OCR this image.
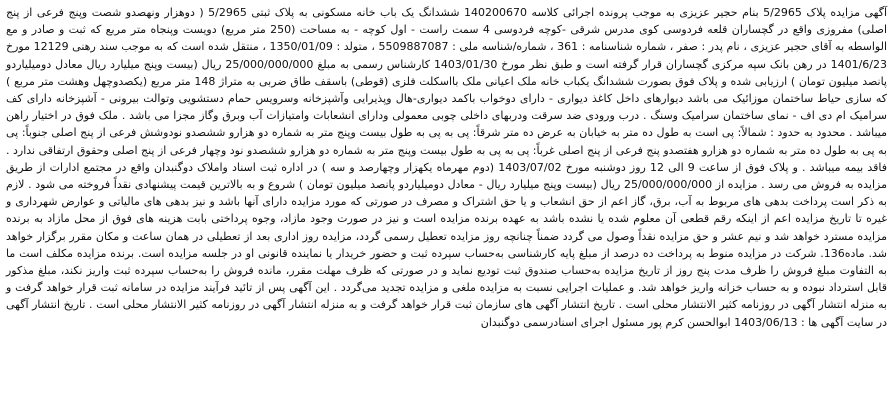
آگهی مزایده پلاک 5/2965 بنام حجیر عزیزی به موجب پرونده اجرائی کلاسه 140200670 ششدانگ یک باب خانه مسکونی به پلاک ثبتی 5/2965 ( دوهزار ونهصدو شصت وپنج فرعی از پنج اصلی) مفروزی واقع در گچساران قلعه فردوسی کوی مدرس شرقی -کوچه فردوسی 4 سمت راست - اول کوچه - به مساحت (250 متر مربع) دویست وپنجاه متر مربع که ثبت و صادر و مع الواسطه به آقای حجیر عزیزی ، نام پدر : صفر ، شماره شناسنامه : 361 ، شماره/شناسه ملی : 5509887087 ، متولد : 1350/01/09 ، منتقل شده است که به موجب سند رهنی 12129 مورخ 1401/6/23 در رهن بانک سپه مرکزی گچساران قرار گرفته است و طبق نظر مورخ 1403/01/30 کارشناس رسمی به مبلغ 25/000/000/000 ریال (بیست وپنج میلیارد ریال معادل دومیلیاردو پانصد میلیون تومان ) ارزیابی شده و پلاک فوق بصورت ششدانگ یکباب خانه ملک اعیانی ملک بااسکلت فلزی (قوطی) باسقف طاق ضربی به متراژ 148 متر مربع (یکصدوچهل وهشت متر مربع ) که سازی حیاط ساختمان موزائیک می باشد دیوارهای داخل کاغذ دیواری - دارای دوخواب باکمد دیواری-هال وپذیرایی وآشپزخانه وسرویس حمام دستشویی وتوالت بیرونی - آشپزخانه دارای کف سرامیک ام دی اف - نمای ساختمان سرامیک وسنگ . درب ورودی ضد سرقت ودربهای داخلی چوبی معمولی ودارای انشعابات وامتیازات آب وبرق وگاز مجزا می باشد . ملک فوق در اختیار راهن میباشد . محدود به حدود : شمالاً: پی است به طول ده متر به خیابان به عرض ده متر شرقاً: پی به پی به طول بیست وپنج متر به شماره دو هزارو ششصدو نودوشش فرعی از پنج اصلی جنوباً: پی به پی به طول ده متر به شماره دو هزارو هفتصدو پنج فرعی از پنج اصلی غرباً: پی به پی به طول بیست وپنج متر به شماره دو هزارو ششصدو نود وچهار فرعی از پنج اصلی وحقوق ارتفاقی ندارد . فاقد بیمه میباشد . و پلاک فوق از ساعت 9 الی 12 روز دوشنبه مورخ 1403/07/02 (دوم مهرماه یکهزار وچهارصد و سه ) در اداره ثبت اسناد واملاک دوگنبدان واقع در مجتمع ادارات از طریق مزایده به فروش می رسد . مزایده از 25/000/000/000 ریال (بیست وپنج میلیارد ریال - معادل دومیلیاردو پانصد میلیون تومان ) شروع و به بالاترین قیمت پیشنهادی نقداً فروخته می شود . لازم به ذکر است پرداخت بدهی های مربوط به آب، برق، گاز اعم از حق انشعاب و یا حق اشتراک و مصرف در صورتی که مورد مزایده دارای آنها باشد و نیز بدهی های مالیاتی و عوارض شهرداری و غیره تا تاریخ مزایده اعم از اینکه رقم قطعی آن معلوم شده یا نشده باشد به عهده برنده مزایده است و نیز در صورت وجود مازاد، وجوه پرداختی بابت هزینه های فوق از محل مازاد به برنده مزایده مسترد خواهد شد و نیم عشر و حق مزایده نقداً وصول می گردد ضمناً چنانچه روز مزایده تعطیل رسمی گردد، مزایده روز اداری بعد از تعطیلی در همان ساعت و مکان مقرر برگزار خواهد شد. ماده136. شرکت در مزایده منوط به پرداخت ده درصد از مبلغ پایه کارشناسی به‌حساب سپرده ثبت و حضور خریدار یا نماینده قانونی او در جلسه مزایده است. برنده مزایده مکلف است ما به التفاوت مبلغ فروش را ظرف مدت پنج روز از تاریخ مزایده به‌حساب صندوق ثبت تودیع نماید و در صورتی که ظرف مهلت مقرر، مانده فروش را به‌حساب سپرده ثبت واریز نکند، مبلغ مذکور قابل استرداد نبوده و به حساب خزانه واریز خواهد شد. و عملیات اجرایی نسبت به مزایده ملغی و مزایده تجدید می‌گردد . این آگهی پس از تائید فرآیند مزایده در سامانه ثبت قرار خواهد گرفت و به منزله انتشار آگهی در روزنامه کثیر الانتشار محلی است . تاریخ انتشار آگهی های سازمان ثبت قرار خواهد گرفت و به منزله انتشار آگهی در روزنامه کثیر الانتشار محلی است . تاریخ انتشار آگهی در سایت آگهی ها : 1403/06/13 ابوالحسن کرم پور مسئول اجرای اسنادرسمی دوگنبدان
